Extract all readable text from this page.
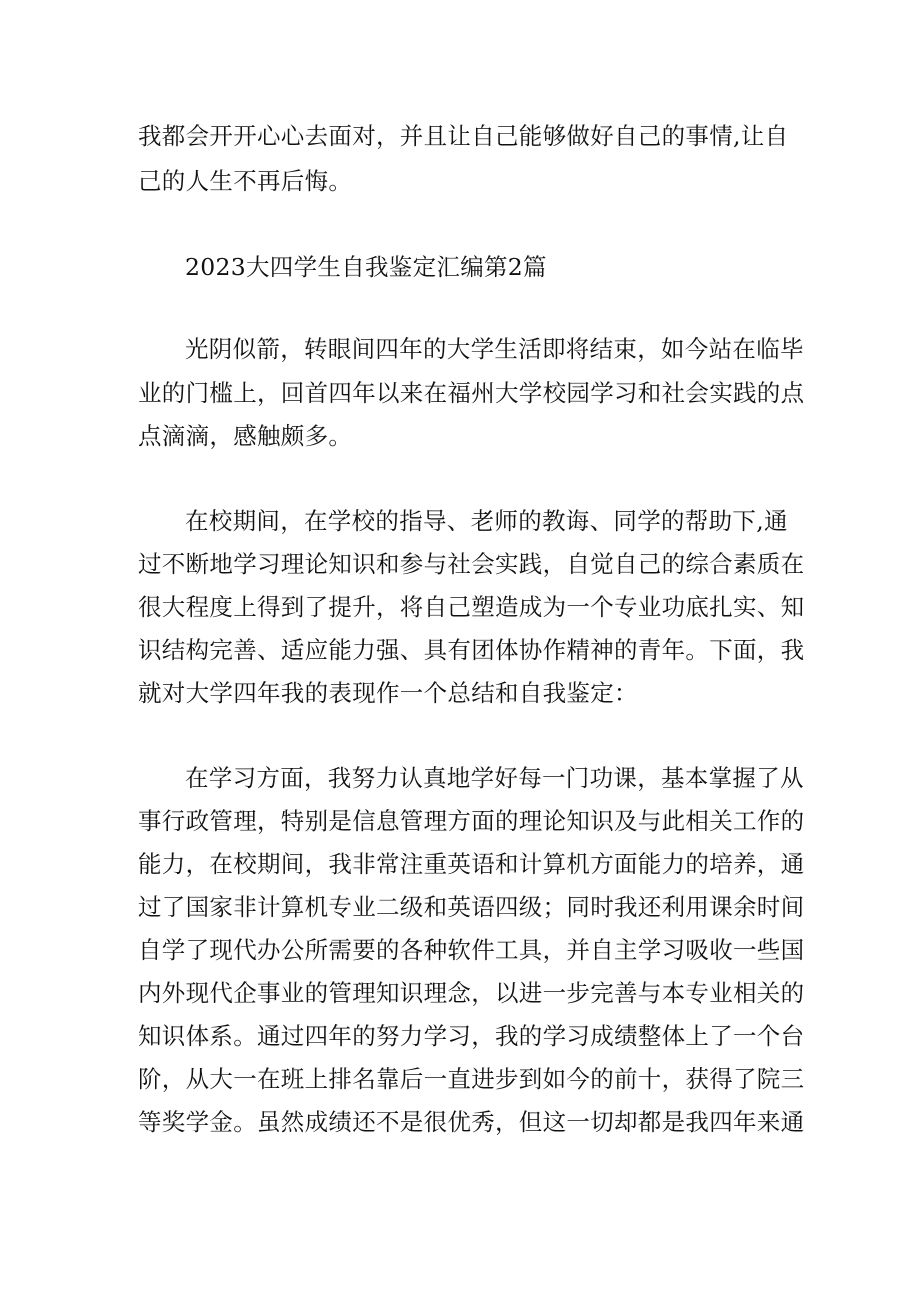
我都会开开心心去面对，并且让自己能够做好自己的事情,让自
己的人生不再后悔。
2023大四学生自我鉴定汇编第2篇
光阴似箭，转眼间四年的大学生活即将结束，如今站在临毕
业的门槛上，回首四年以来在福州大学校园学习和社会实践的点
点滴滴，感触颇多。
在校期间，在学校的指导、老师的教诲、同学的帮助下,通
过不断地学习理论知识和参与社会实践，自觉自己的综合素质在
很大程度上得到了提升，将自己塑造成为一个专业功底扎实、知
识结构完善、适应能力强、具有团体协作精神的青年。下面，我
就对大学四年我的表现作一个总结和自我鉴定：
在学习方面，我努力认真地学好每一门功课，基本掌握了从
事行政管理，特别是信息管理方面的理论知识及与此相关工作的
能力，在校期间，我非常注重英语和计算机方面能力的培养，通
过了国家非计算机专业二级和英语四级；同时我还利用课余时间
自学了现代办公所需要的各种软件工具，并自主学习吸收一些国
内外现代企事业的管理知识理念，以进一步完善与本专业相关的
知识体系。通过四年的努力学习，我的学习成绩整体上了一个台
阶，从大一在班上排名靠后一直进步到如今的前十，获得了院三
等奖学金。虽然成绩还不是很优秀，但这一切却都是我四年来通
